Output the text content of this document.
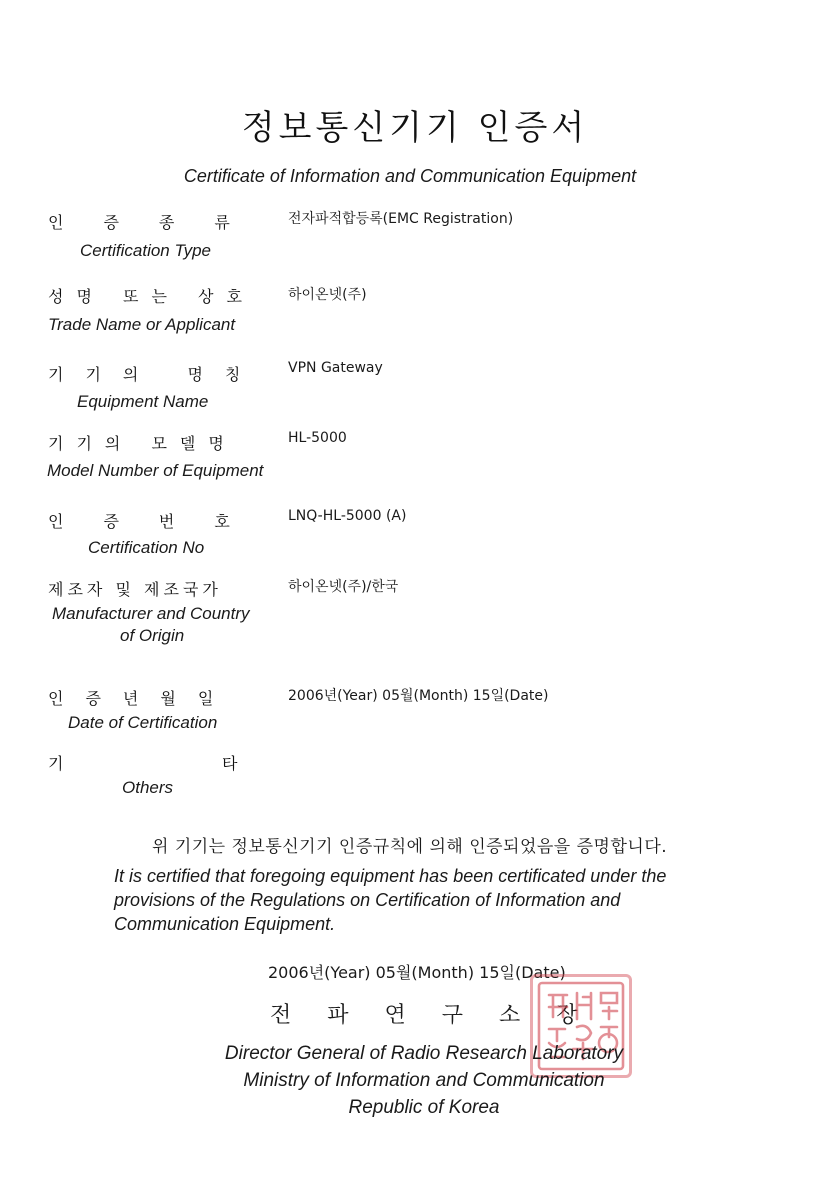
정보통신기기 인증서
Certificate of Information and Communication Equipment
인증종류
Certification Type
전자파적합등록(EMC Registration)
성명 또는 상호
Trade Name or Applicant
하이온넷(주)
기기의 명칭
Equipment Name
VPN Gateway
기기의 모델명
Model Number of Equipment
HL-5000
인증번호
Certification No
LNQ-HL-5000 (A)
제조자 및 제조국가
Manufacturer and Country
of Origin
하이온넷(주)/한국
인증년월일
Date of Certification
2006년(Year) 05월(Month) 15일(Date)
기	타
Others
위 기기는 정보통신기기 인증규칙에 의해 인증되었음을 증명합니다.
It is certified that foregoing equipment has been certificated under the provisions of the Regulations on Certification of Information and Communication Equipment.
2006년(Year) 05월(Month) 15일(Date)
전파연구소장
Director General of Radio Research Laboratory
Ministry of Information and Communication
Republic of Korea
